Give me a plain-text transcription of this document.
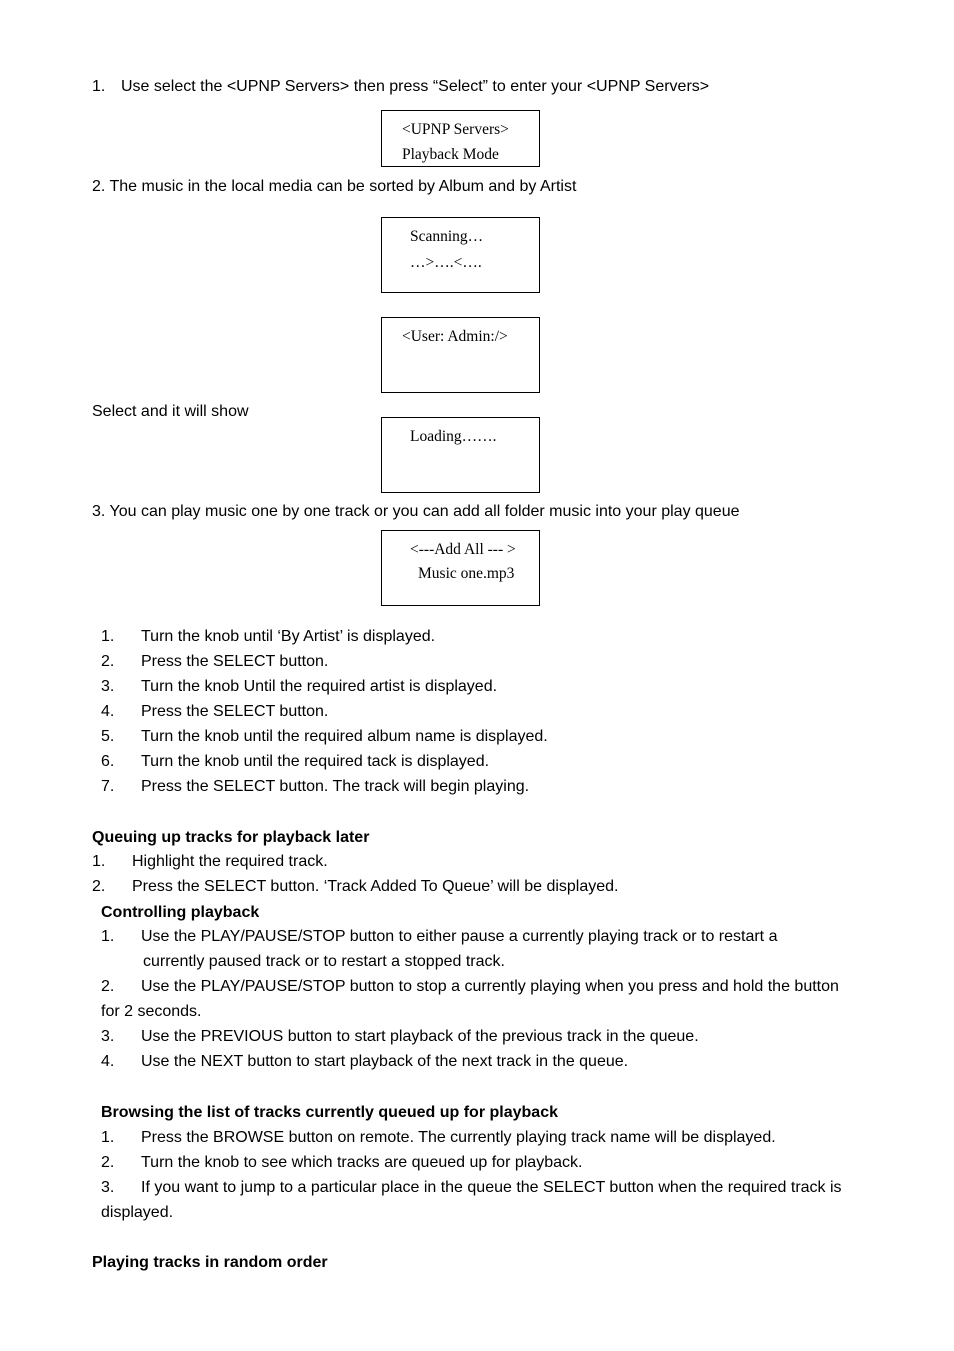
1. Use select the <UPNP Servers> then press “Select” to enter your <UPNP Servers>
<UPNP Servers>
Playback Mode
2. The music in the local media can be sorted by Album and by Artist
Scanning…
…>….<….
<User: Admin:/>
Select and it will show
Loading…….
3. You can play music one by one track or you can add all folder music into your play queue
<---Add All --- >
Music one.mp3
1. Turn the knob until ‘By Artist’ is displayed.
2. Press the SELECT button.
3. Turn the knob Until the required artist is displayed.
4. Press the SELECT button.
5. Turn the knob until the required album name is displayed.
6. Turn the knob until the required tack is displayed.
7. Press the SELECT button. The track will begin playing.
Queuing up tracks for playback later
1. Highlight the required track.
2. Press the SELECT button. ‘Track Added To Queue’ will be displayed.
Controlling playback
1. Use the PLAY/PAUSE/STOP button to either pause a currently playing track or to restart a
currently paused track or to restart a stopped track.
2. Use the PLAY/PAUSE/STOP button to stop a currently playing when you press and hold the button
for 2 seconds.
3. Use the PREVIOUS button to start playback of the previous track in the queue.
4. Use the NEXT button to start playback of the next track in the queue.
Browsing the list of tracks currently queued up for playback
1. Press the BROWSE button on remote. The currently playing track name will be displayed.
2. Turn the knob to see which tracks are queued up for playback.
3. If you want to jump to a particular place in the queue the SELECT button when the required track is
displayed.
Playing tracks in random order
